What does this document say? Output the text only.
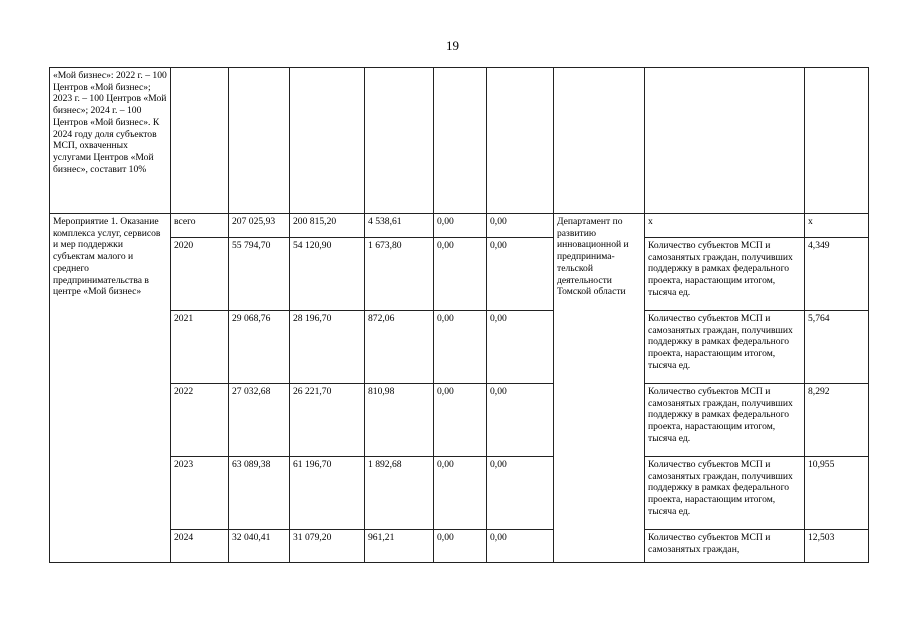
19
«Мой бизнес»: 2022 г. – 100 Центров «Мой бизнес»; 2023 г. – 100 Центров «Мой бизнес»; 2024 г. – 100 Центров «Мой бизнес». К 2024 году доля субъектов МСП, охваченных услугами Центров «Мой бизнес», составит 10%									
Мероприятие 1. Оказание комплекса услуг, сервисов и мер поддержки субъектам малого и среднего предпринимательства в центре «Мой бизнес»	всего	207 025,93	200 815,20	4 538,61	0,00	0,00	Департамент по развитию инновационной и предпринима-тельской деятельности Томской области	х	х
	2020	55 794,70	54 120,90	1 673,80	0,00	0,00		Количество субъектов МСП и самозанятых граждан, получивших поддержку в рамках федерального проекта, нарастающим итогом, тысяча ед.	4,349
	2021	29 068,76	28 196,70	872,06	0,00	0,00		Количество субъектов МСП и самозанятых граждан, получивших поддержку в рамках федерального проекта, нарастающим итогом, тысяча ед.	5,764
	2022	27 032,68	26 221,70	810,98	0,00	0,00		Количество субъектов МСП и самозанятых граждан, получивших поддержку в рамках федерального проекта, нарастающим итогом, тысяча ед.	8,292
	2023	63 089,38	61 196,70	1 892,68	0,00	0,00		Количество субъектов МСП и самозанятых граждан, получивших поддержку в рамках федерального проекта, нарастающим итогом, тысяча ед.	10,955
	2024	32 040,41	31 079,20	961,21	0,00	0,00		Количество субъектов МСП и самозанятых граждан,	12,503
